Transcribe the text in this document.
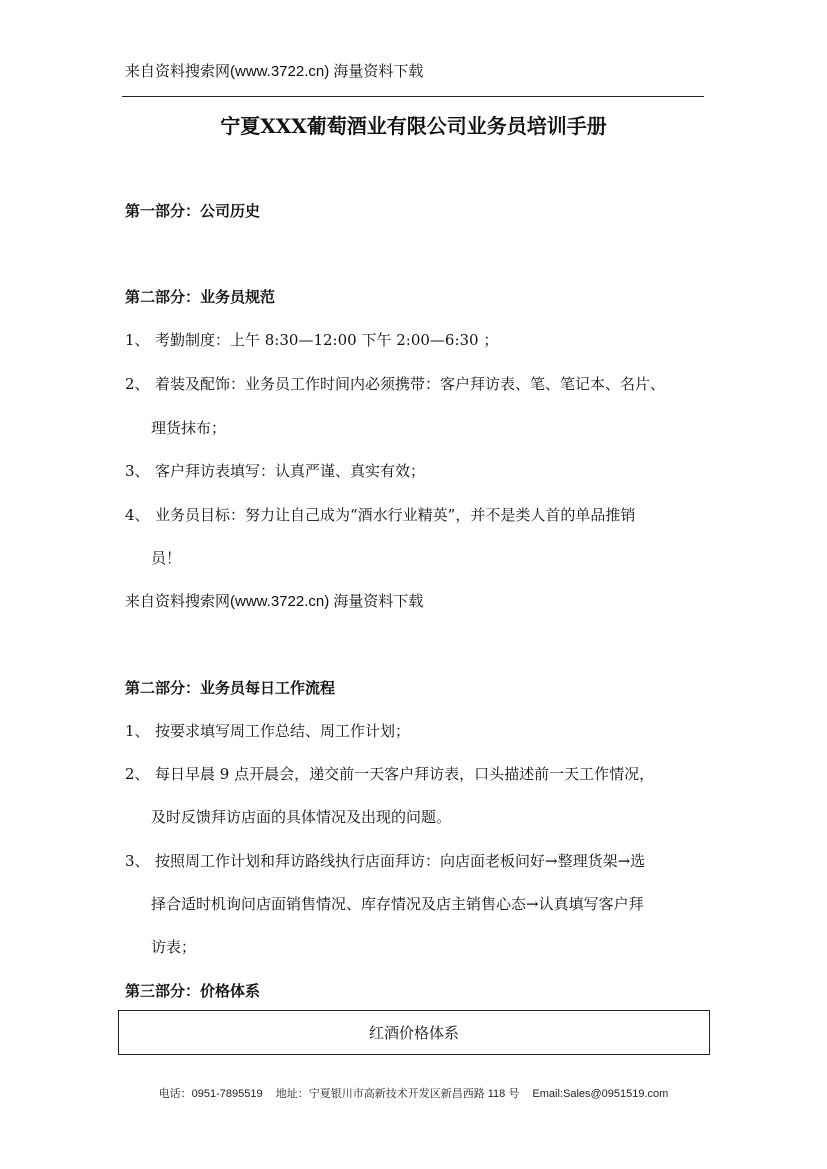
来自资料搜索网(www.3722.cn) 海量资料下载
宁夏XXX葡萄酒业有限公司业务员培训手册
第一部分：公司历史
第二部分：业务员规范
1、 考勤制度：上午 8:30—12:00 下午 2:00—6:30 ；
2、 着装及配饰：业务员工作时间内必须携带：客户拜访表、笔、笔记本、名片、
理货抹布；
3、 客户拜访表填写：认真严谨、真实有效；
4、 业务员目标：努力让自己成为“酒水行业精英”，并不是类人首的单品推销
员！
来自资料搜索网(www.3722.cn) 海量资料下载
第二部分：业务员每日工作流程
1、 按要求填写周工作总结、周工作计划；
2、 每日早晨 9 点开晨会，递交前一天客户拜访表，口头描述前一天工作情况，
及时反馈拜访店面的具体情况及出现的问题。
3、 按照周工作计划和拜访路线执行店面拜访：向店面老板问好→整理货架→选
择合适时机询问店面销售情况、库存情况及店主销售心态→认真填写客户拜
访表；
第三部分：价格体系
红酒价格体系
电话：0951-7895519 地址：宁夏银川市高新技术开发区新昌西路 118 号 Email:Sales@0951519.com
